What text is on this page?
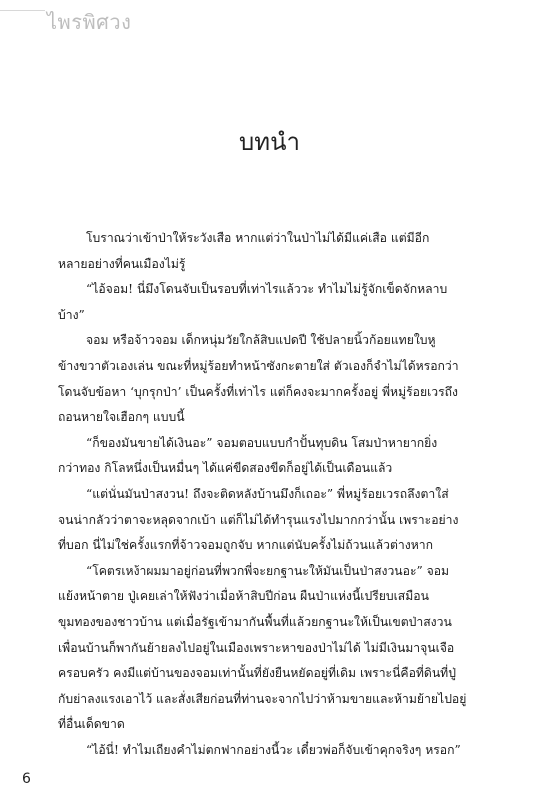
ไพรพิศวง
บทนำ
โบราณว่าเข้าป่าให้ระวังเสือ หากแต่ว่าในป่าไม่ได้มีแค่เสือ แต่มีอีก
หลายอย่างที่คนเมืองไม่รู้
“ไอ้จอม! นี่มึงโดนจับเป็นรอบที่เท่าไรแล้ววะ ทำไมไม่รู้จักเข็ดจักหลาบ
บ้าง”
จอม หรือจ้าวจอม เด็กหนุ่มวัยใกล้สิบแปดปี ใช้ปลายนิ้วก้อยแทยใบหู
ข้างขวาตัวเองเล่น ขณะที่หมู่ร้อยทำหน้าซังกะตายใส่ ตัวเองก็จำไม่ได้หรอกว่า
โดนจับข้อหา ‘บุกรุกป่า’ เป็นครั้งที่เท่าไร แต่ก็คงจะมากครั้งอยู่ พี่หมู่ร้อยเวรถึง
ถอนหายใจเฮือกๆ แบบนี้
“ก็ของมันขายได้เงินอะ” จอมตอบแบบกำปั้นทุบดิน โสมป่าหายากยิ่ง
กว่าทอง กิโลหนึ่งเป็นหมื่นๆ ได้แค่ขีดสองขีดก็อยู่ได้เป็นเดือนแล้ว
“แต่นั่นมันป่าสงวน! ถึงจะติดหลังบ้านมึงก็เถอะ” พี่หมู่ร้อยเวรถลึงตาใส่
จนน่ากลัวว่าตาจะหลุดจากเบ้า แต่ก็ไม่ได้ทำรุนแรงไปมากกว่านั้น เพราะอย่าง
ที่บอก นี่ไม่ใช่ครั้งแรกที่จ้าวจอมถูกจับ หากแต่นับครั้งไม่ถ้วนแล้วต่างหาก
“โคตรเหง้าผมมาอยู่ก่อนที่พวกพี่จะยกฐานะให้มันเป็นป่าสงวนอะ” จอม
แย้งหน้าตาย ปู่เคยเล่าให้ฟังว่าเมื่อห้าสิบปีก่อน ผืนป่าแห่งนี้เปรียบเสมือน
ขุมทองของชาวบ้าน แต่เมื่อรัฐเข้ามากันพื้นที่แล้วยกฐานะให้เป็นเขตป่าสงวน
เพื่อนบ้านก็พากันย้ายลงไปอยู่ในเมืองเพราะหาของป่าไม่ได้ ไม่มีเงินมาจุนเจือ
ครอบครัว คงมีแต่บ้านของจอมเท่านั้นที่ยังยืนหยัดอยู่ที่เดิม เพราะนี่คือที่ดินที่ปู่
กับย่าลงแรงเอาไว้ และสั่งเสียก่อนที่ท่านจะจากไปว่าห้ามขายและห้ามย้ายไปอยู่
ที่อื่นเด็ดขาด
“ไอ้นี่! ทำไมเถียงคำไม่ตกฟากอย่างนี้วะ เดี๋ยวพ่อก็จับเข้าคุกจริงๆ หรอก”
6
